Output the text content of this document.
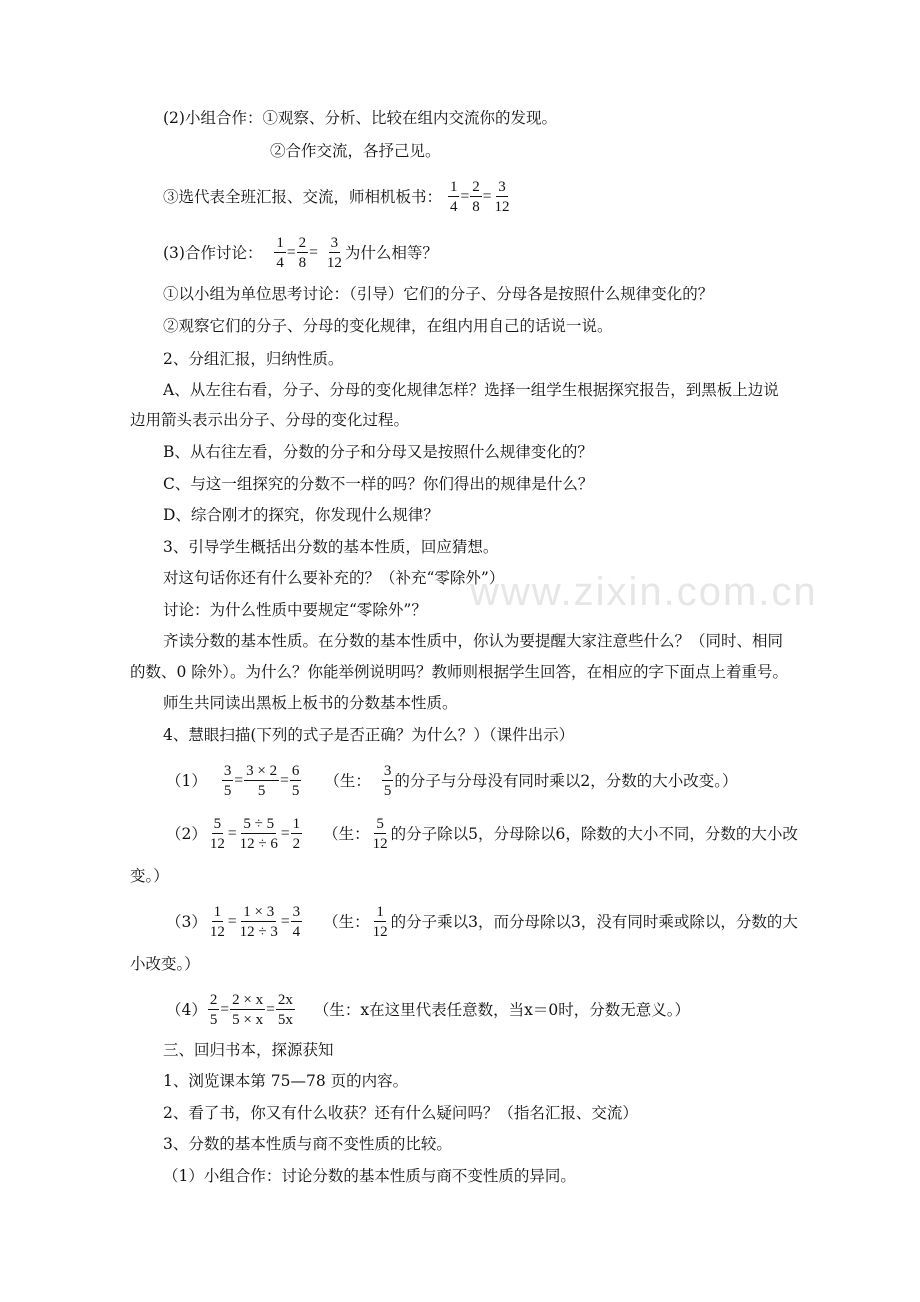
www.zixin.com.cn
(2)小组合作：①观察、分析、比较在组内交流你的发现。
②合作交流，各抒己见。
③选代表全班汇报、交流，师相机板书： $\frac{1}{4} = \frac{2}{8} = \frac{3}{12}$
(3)合作讨论： $\frac{1}{4} = \frac{2}{8} = \frac{3}{12}$ 为什么相等？
①以小组为单位思考讨论：（引导）它们的分子、分母各是按照什么规律变化的？
②观察它们的分子、分母的变化规律，在组内用自己的话说一说。
2、分组汇报，归纳性质。
A、从左往右看，分子、分母的变化规律怎样？选择一组学生根据探究报告，到黑板上边说
边用箭头表示出分子、分母的变化过程。
B、从右往左看，分数的分子和分母又是按照什么规律变化的？
C、与这一组探究的分数不一样的吗？你们得出的规律是什么？
D、综合刚才的探究，你发现什么规律？
3、引导学生概括出分数的基本性质，回应猜想。
对这句话你还有什么要补充的？（补充“零除外”）
讨论：为什么性质中要规定“零除外”？
齐读分数的基本性质。在分数的基本性质中，你认为要提醒大家注意些什么？（同时、相同
的数、0 除外）。为什么？你能举例说明吗？教师则根据学生回答，在相应的字下面点上着重号。
师生共同读出黑板上板书的分数基本性质。
4、慧眼扫描(下列的式子是否正确？为什么？）（课件出示）
$(1) \frac{3}{5} = \frac{3 \times 2}{5} = \frac{6}{5}$ （生： $\frac{3}{5}$ 的分子与分母没有同时乘以2，分数的大小改变。）
$(2) \frac{5}{12} = \frac{5 \div 5}{12 \div 6} = \frac{1}{2}$ （生： $\frac{5}{12}$ 的分子除以5，分母除以6，除数的大小不同，分数的大小改
变。）
$(3) \frac{1}{12} = \frac{1 \times 3}{12 \div 3} = \frac{3}{4}$ （生： $\frac{1}{12}$ 的分子乘以3，而分母除以3，没有同时乘或除以，分数的大
小改变。）
$(4) \frac{2}{5} = \frac{2 \times x}{5 \times x} = \frac{2x}{5x}$ （生：x在这里代表任意数，当x＝0时，分数无意义。）
三、回归书本，探源获知
1、浏览课本第 75—78 页的内容。
2、看了书，你又有什么收获？还有什么疑问吗？（指名汇报、交流）
3、分数的基本性质与商不变性质的比较。
（1）小组合作：讨论分数的基本性质与商不变性质的异同。
